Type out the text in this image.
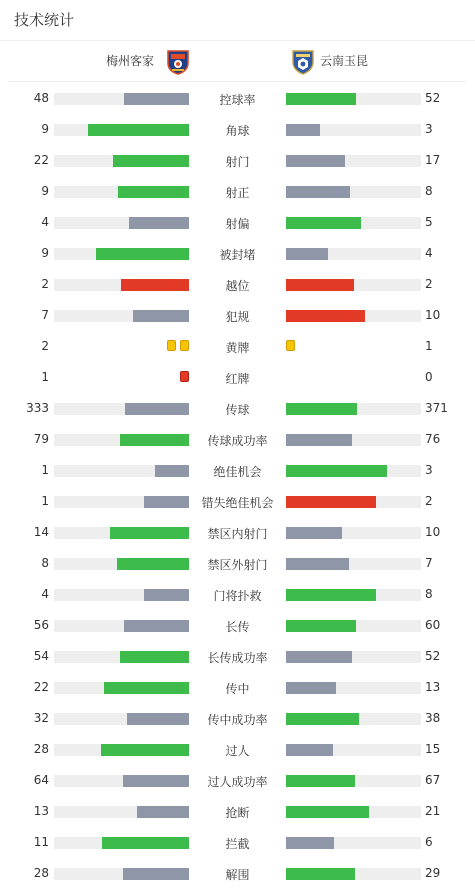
技术统计
梅州客家	云南玉昆
48	控球率	52
9	角球	3
22	射门	17
9	射正	8
4	射偏	5
9	被封堵	4
2	越位	2
7	犯规	10
2	黄牌	1
1	红牌	0
333	传球	371
79	传球成功率	76
1	绝佳机会	3
1	错失绝佳机会	2
14	禁区内射门	10
8	禁区外射门	7
4	门将扑救	8
56	长传	60
54	长传成功率	52
22	传中	13
32	传中成功率	38
28	过人	15
64	过人成功率	67
13	抢断	21
11	拦截	6
28	解围	29
